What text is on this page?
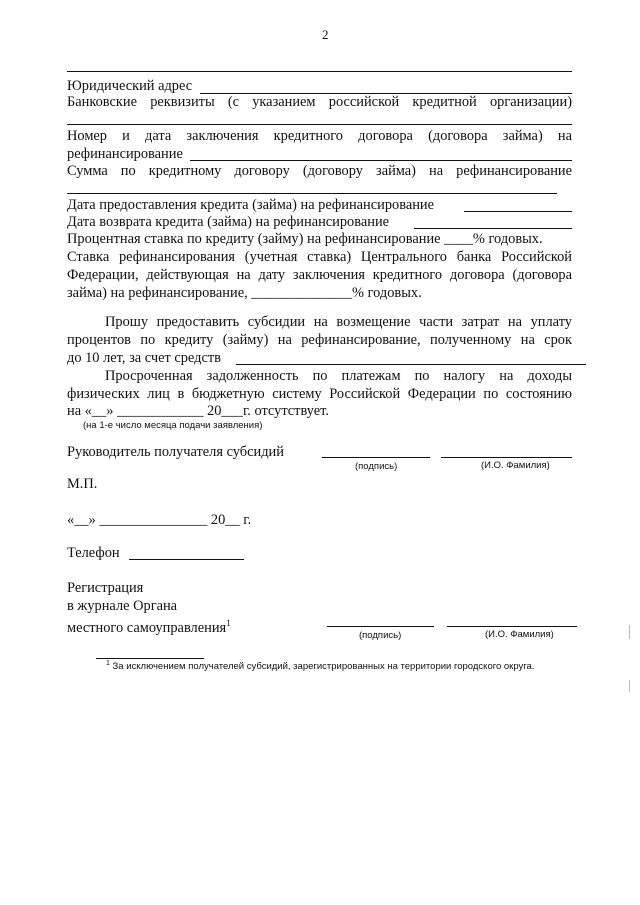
2
Юридический адрес
Банковские реквизиты (с указанием российской кредитной организации)
Номер и дата заключения кредитного договора (договора займа) на
рефинансирование
Сумма по кредитному договору (договору займа) на рефинансирование
Дата предоставления кредита (займа) на рефинансирование
Дата возврата кредита (займа) на рефинансирование
Процентная ставка по кредиту (займу) на рефинансирование ____% годовых.
Ставка рефинансирования (учетная ставка) Центрального банка Российской
Федерации, действующая на дату заключения кредитного договора (договора
займа) на рефинансирование, ______________% годовых.
Прошу предоставить субсидии на возмещение части затрат на уплату
процентов по кредиту (займу) на рефинансирование, полученному на срок
до 10 лет, за счет средств
Просроченная задолженность по платежам по налогу на доходы
физических лиц в бюджетную систему Российской Федерации по состоянию
на «__» ____________ 20___г. отсутствует.
(на 1-е число месяца подачи заявления)
Руководитель получателя субсидий
(подпись)	(И.О. Фамилия)
М.П.
«__» _______________ 20__ г.
Телефон
Регистрация
в журнале Органа
местного самоуправления$^1$
(подпись)	(И.О. Фамилия)
$^1$ За исключением получателей субсидий, зарегистрированных на территории городского округа.
